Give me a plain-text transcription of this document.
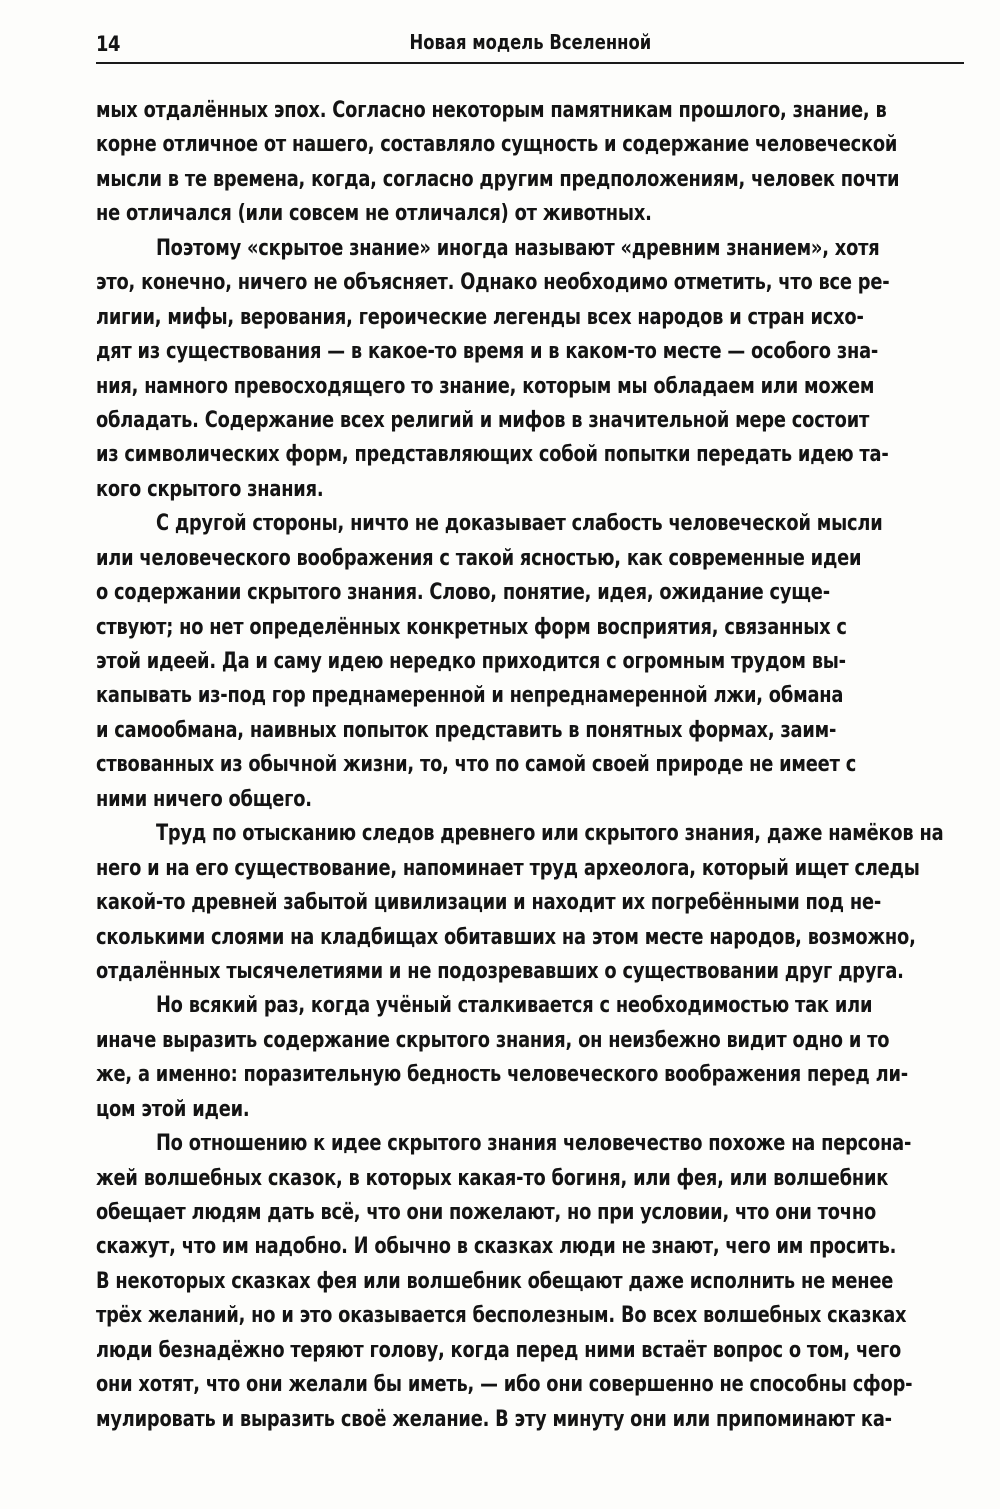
14	Новая модель Вселенной
мых отдалённых эпох. Согласно некоторым памятникам прошлого, знание, в
корне отличное от нашего, составляло сущность и содержание человеческой
мысли в те времена, когда, согласно другим предположениям, человек почти
не отличался (или совсем не отличался) от животных.
Поэтому «скрытое знание» иногда называют «древним знанием», хотя
это, конечно, ничего не объясняет. Однако необходимо отметить, что все ре-
лигии, мифы, верования, героические легенды всех народов и стран исхо-
дят из существования — в какое-то время и в каком-то месте — особого зна-
ния, намного превосходящего то знание, которым мы обладаем или можем
обладать. Содержание всех религий и мифов в значительной мере состоит
из символических форм, представляющих собой попытки передать идею та-
кого скрытого знания.
С другой стороны, ничто не доказывает слабость человеческой мысли
или человеческого воображения с такой ясностью, как современные идеи
о содержании скрытого знания. Слово, понятие, идея, ожидание суще-
ствуют; но нет определённых конкретных форм восприятия, связанных с
этой идеей. Да и саму идею нередко приходится с огромным трудом вы-
капывать из-под гор преднамеренной и непреднамеренной лжи, обмана
и самообмана, наивных попыток представить в понятных формах, заим-
ствованных из обычной жизни, то, что по самой своей природе не имеет с
ними ничего общего.
Труд по отысканию следов древнего или скрытого знания, даже намёков на
него и на его существование, напоминает труд археолога, который ищет следы
какой-то древней забытой цивилизации и находит их погребёнными под не-
сколькими слоями на кладбищах обитавших на этом месте народов, возможно,
отдалённых тысячелетиями и не подозревавших о существовании друг друга.
Но всякий раз, когда учёный сталкивается с необходимостью так или
иначе выразить содержание скрытого знания, он неизбежно видит одно и то
же, а именно: поразительную бедность человеческого воображения перед ли-
цом этой идеи.
По отношению к идее скрытого знания человечество похоже на персона-
жей волшебных сказок, в которых какая-то богиня, или фея, или волшебник
обещает людям дать всё, что они пожелают, но при условии, что они точно
скажут, что им надобно. И обычно в сказках люди не знают, чего им просить.
В некоторых сказках фея или волшебник обещают даже исполнить не менее
трёх желаний, но и это оказывается бесполезным. Во всех волшебных сказках
люди безнадёжно теряют голову, когда перед ними встаёт вопрос о том, чего
они хотят, что они желали бы иметь, — ибо они совершенно не способны сфор-
мулировать и выразить своё желание. В эту минуту они или припоминают ка-
